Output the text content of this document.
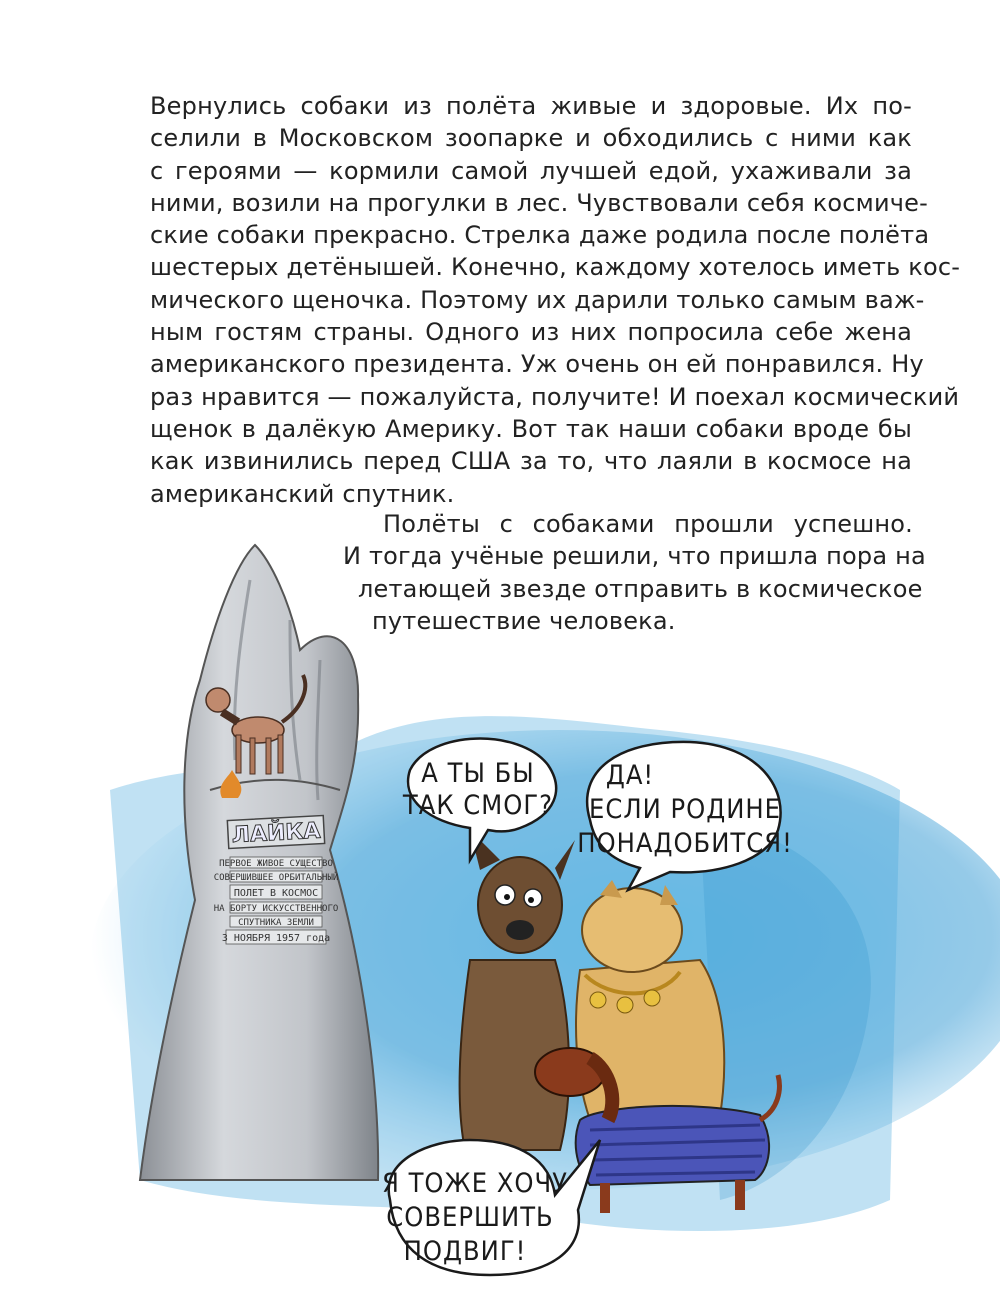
ЛАЙКА
ПЕРВОЕ ЖИВОЕ СУЩЕСТВО
СОВЕРШИВШЕЕ ОРБИТАЛЬНЫЙ
ПОЛЕТ В КОСМОС
НА БОРТУ ИСКУССТВЕННОГО
СПУТНИКА ЗЕМЛИ
3 НОЯБРЯ 1957 года
А ТЫ БЫ
ТАК СМОГ?
ДА!
ЕСЛИ РОДИНЕ
ПОНАДОБИТСЯ!
Я ТОЖЕ ХОЧУ
СОВЕРШИТЬ
ПОДВИГ!
Вернулись собаки из полёта живые и здоровые. Их по-
селили в Московском зоопарке и обходились с ними как
с героями — кормили самой лучшей едой, ухаживали за
ними, возили на прогулки в лес. Чувствовали себя космиче-
ские собаки прекрасно. Стрелка даже родила после полёта
шестерых детёнышей. Конечно, каждому хотелось иметь кос-
мического щеночка. Поэтому их дарили только самым важ-
ным гостям страны. Одного из них попросила себе жена
американского президента. Уж очень он ей понравился. Ну
раз нравится — пожалуйста, получите! И поехал космический
щенок в далёкую Америку. Вот так наши собаки вроде бы
как извинились перед США за то, что лаяли в космосе на
американский спутник.
Полёты с собаками прошли успешно.
И тогда учёные решили, что пришла пора на
летающей звезде отправить в космическое
путешествие человека.
